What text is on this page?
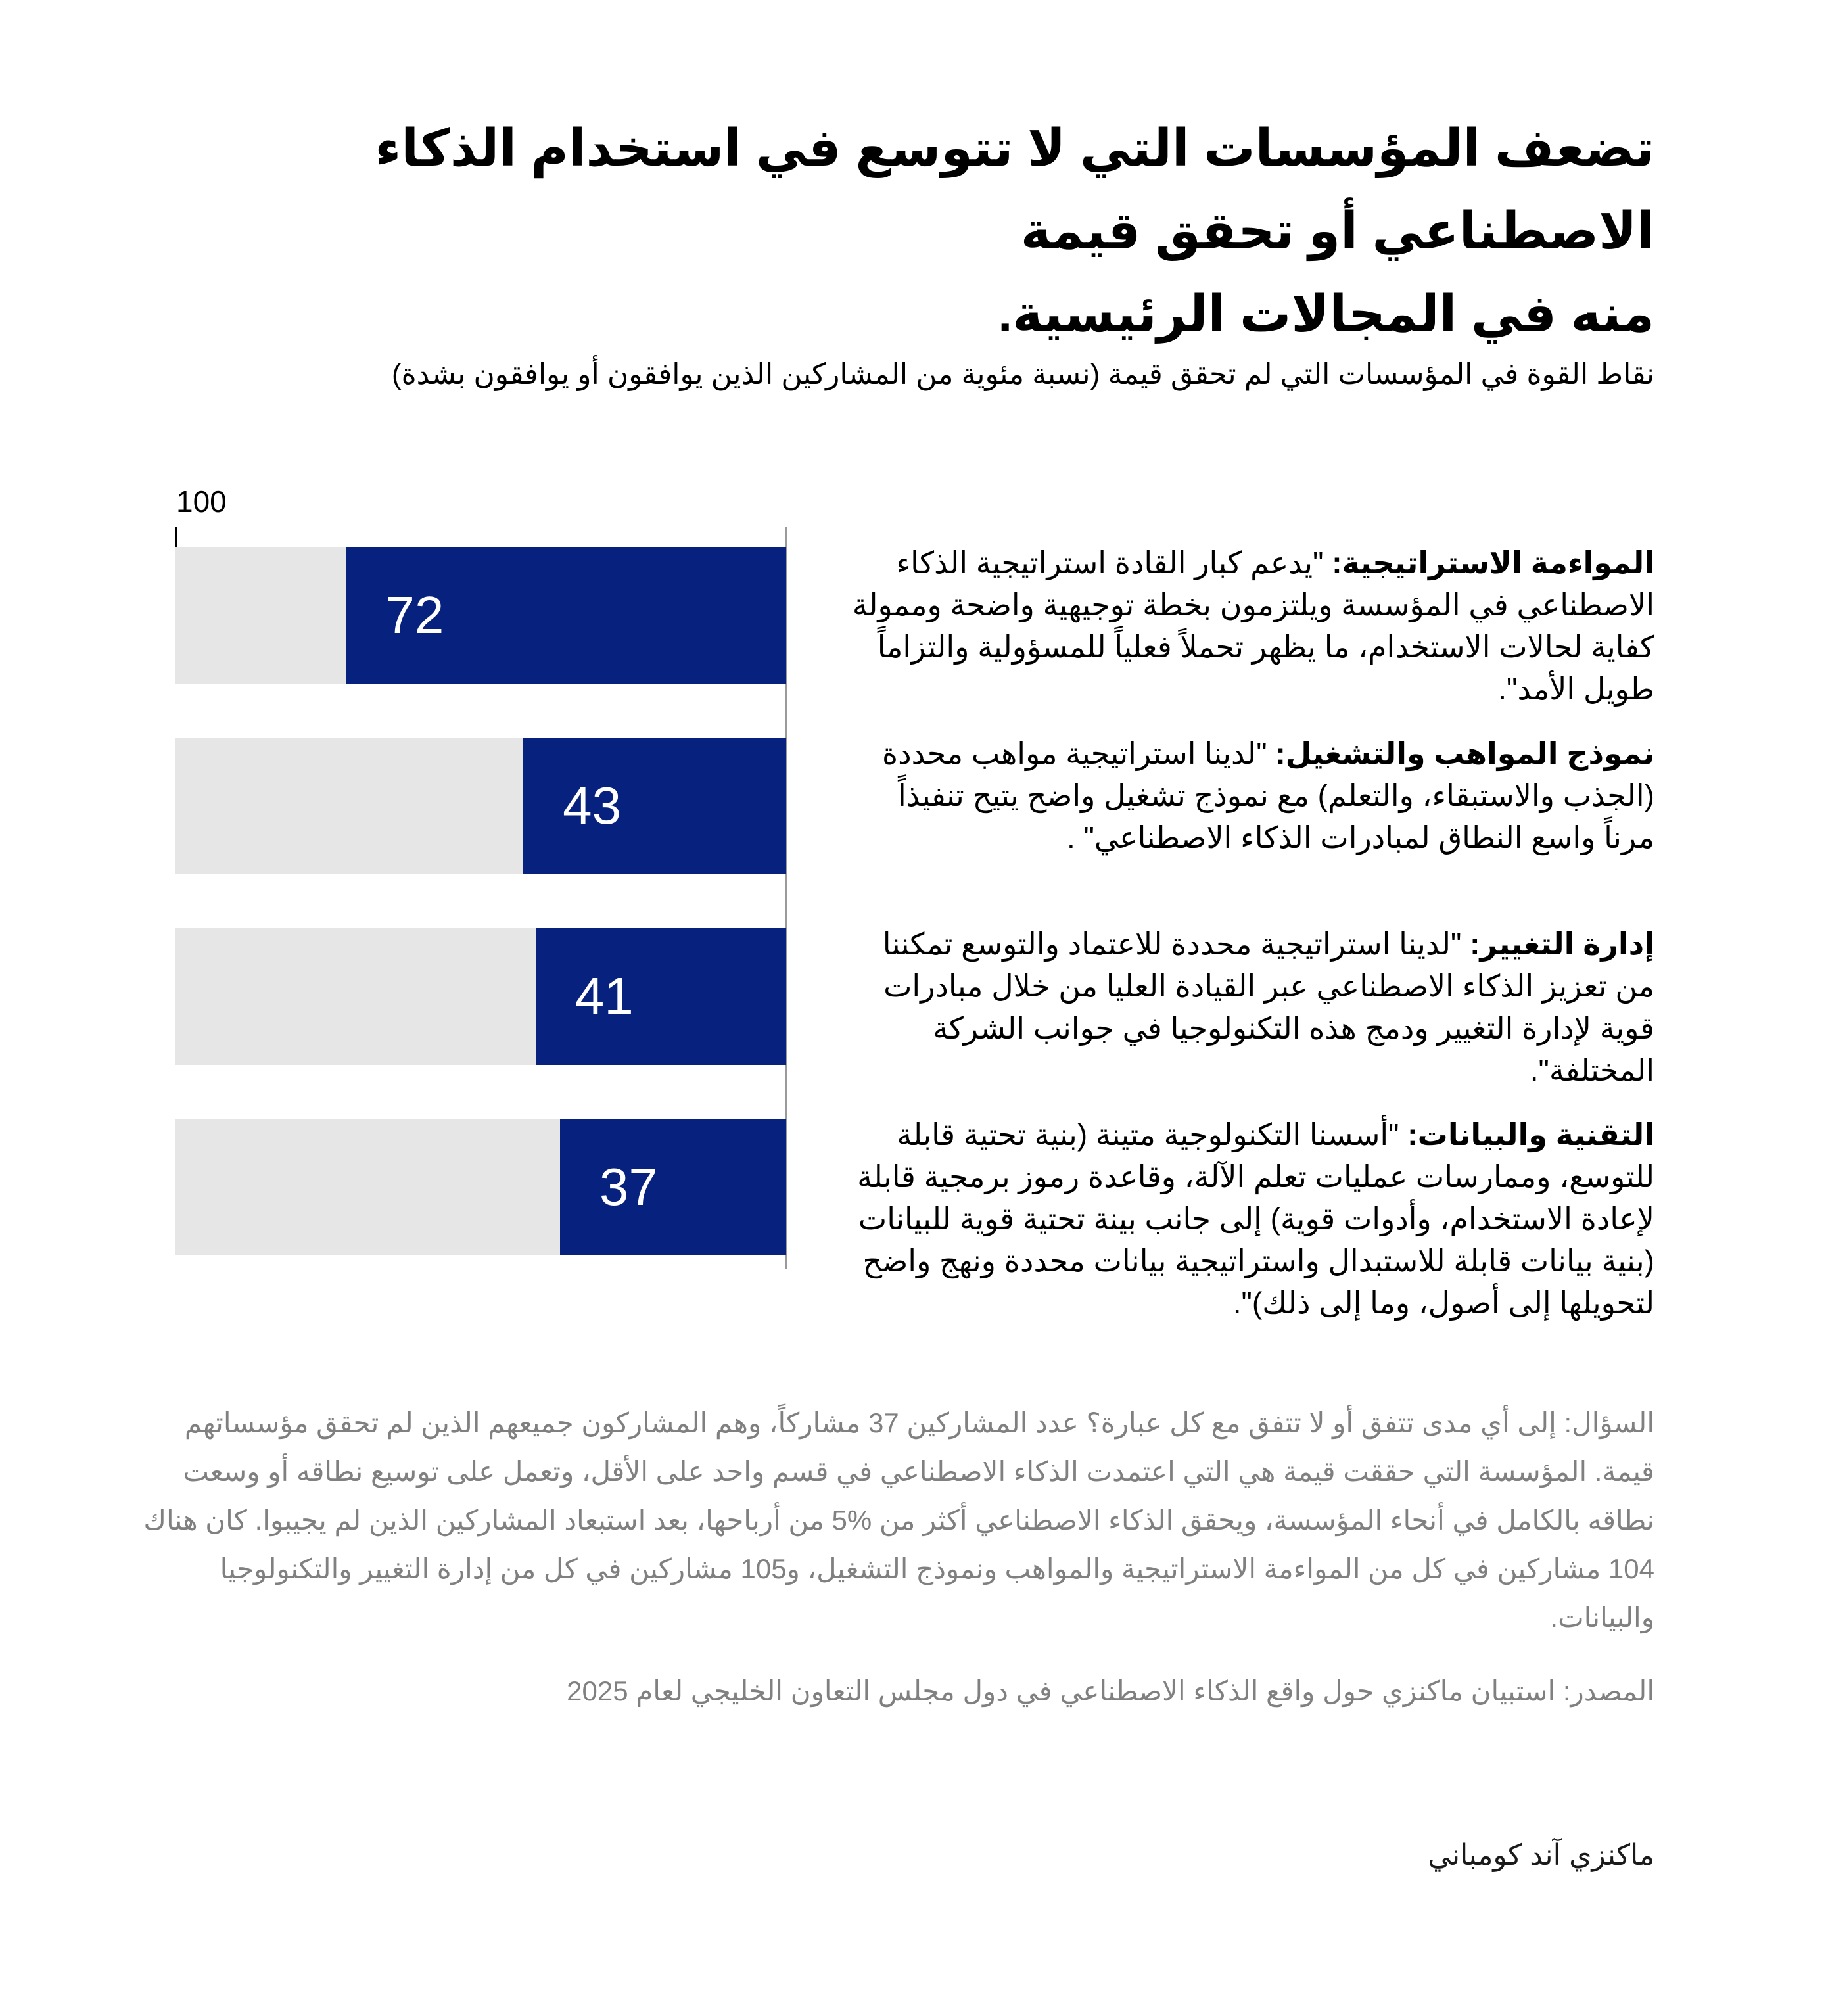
تضعف المؤسسات التي لا تتوسع في استخدام الذكاء الاصطناعي أو تحقق قيمة
منه في المجالات الرئيسية.
نقاط القوة في المؤسسات التي لم تحقق قيمة (نسبة مئوية من المشاركين الذين يوافقون أو يوافقون بشدة)
100
72
43
41
37

المواءمة الاستراتيجية: "يدعم كبار القادة استراتيجية الذكاء الاصطناعي في المؤسسة ويلتزمون بخطة توجيهية واضحة وممولة كفاية لحالات الاستخدام، ما يظهر تحملاً فعلياً للمسؤولية والتزاماً طويل الأمد".

نموذج المواهب والتشغيل: "لدينا استراتيجية مواهب محددة (الجذب والاستبقاء، والتعلم) مع نموذج تشغيل واضح يتيح تنفيذاً مرناً واسع النطاق لمبادرات الذكاء الاصطناعي" .

إدارة التغيير: "لدينا استراتيجية محددة للاعتماد والتوسع تمكننا من تعزيز الذكاء الاصطناعي عبر القيادة العليا من خلال مبادرات قوية لإدارة التغيير ودمج هذه التكنولوجيا في جوانب الشركة المختلفة".

التقنية والبيانات: "أسسنا التكنولوجية متينة (بنية تحتية قابلة للتوسع، وممارسات عمليات تعلم الآلة، وقاعدة رموز برمجية قابلة لإعادة الاستخدام، وأدوات قوية) إلى جانب بينة تحتية قوية للبيانات (بنية بيانات قابلة للاستبدال واستراتيجية بيانات محددة ونهج واضح لتحويلها إلى أصول، وما إلى ذلك)".

السؤال: إلى أي مدى تتفق أو لا تتفق مع كل عبارة؟ عدد المشاركين 37 مشاركاً، وهم المشاركون جميعهم الذين لم تحقق مؤسساتهم قيمة. المؤسسة التي حققت قيمة هي التي اعتمدت الذكاء الاصطناعي في قسم واحد على الأقل، وتعمل على توسيع نطاقه أو وسعت نطاقه بالكامل في أنحاء المؤسسة، ويحقق الذكاء الاصطناعي أكثر من %5 من أرباحها، بعد استبعاد المشاركين الذين لم يجيبوا. كان هناك 104 مشاركين في كل من المواءمة الاستراتيجية والمواهب ونموذج التشغيل، و105 مشاركين في كل من إدارة التغيير والتكنولوجيا والبيانات.
المصدر: استبيان ماكنزي حول واقع الذكاء الاصطناعي في دول مجلس التعاون الخليجي لعام 2025
ماكنزي آند كومباني
